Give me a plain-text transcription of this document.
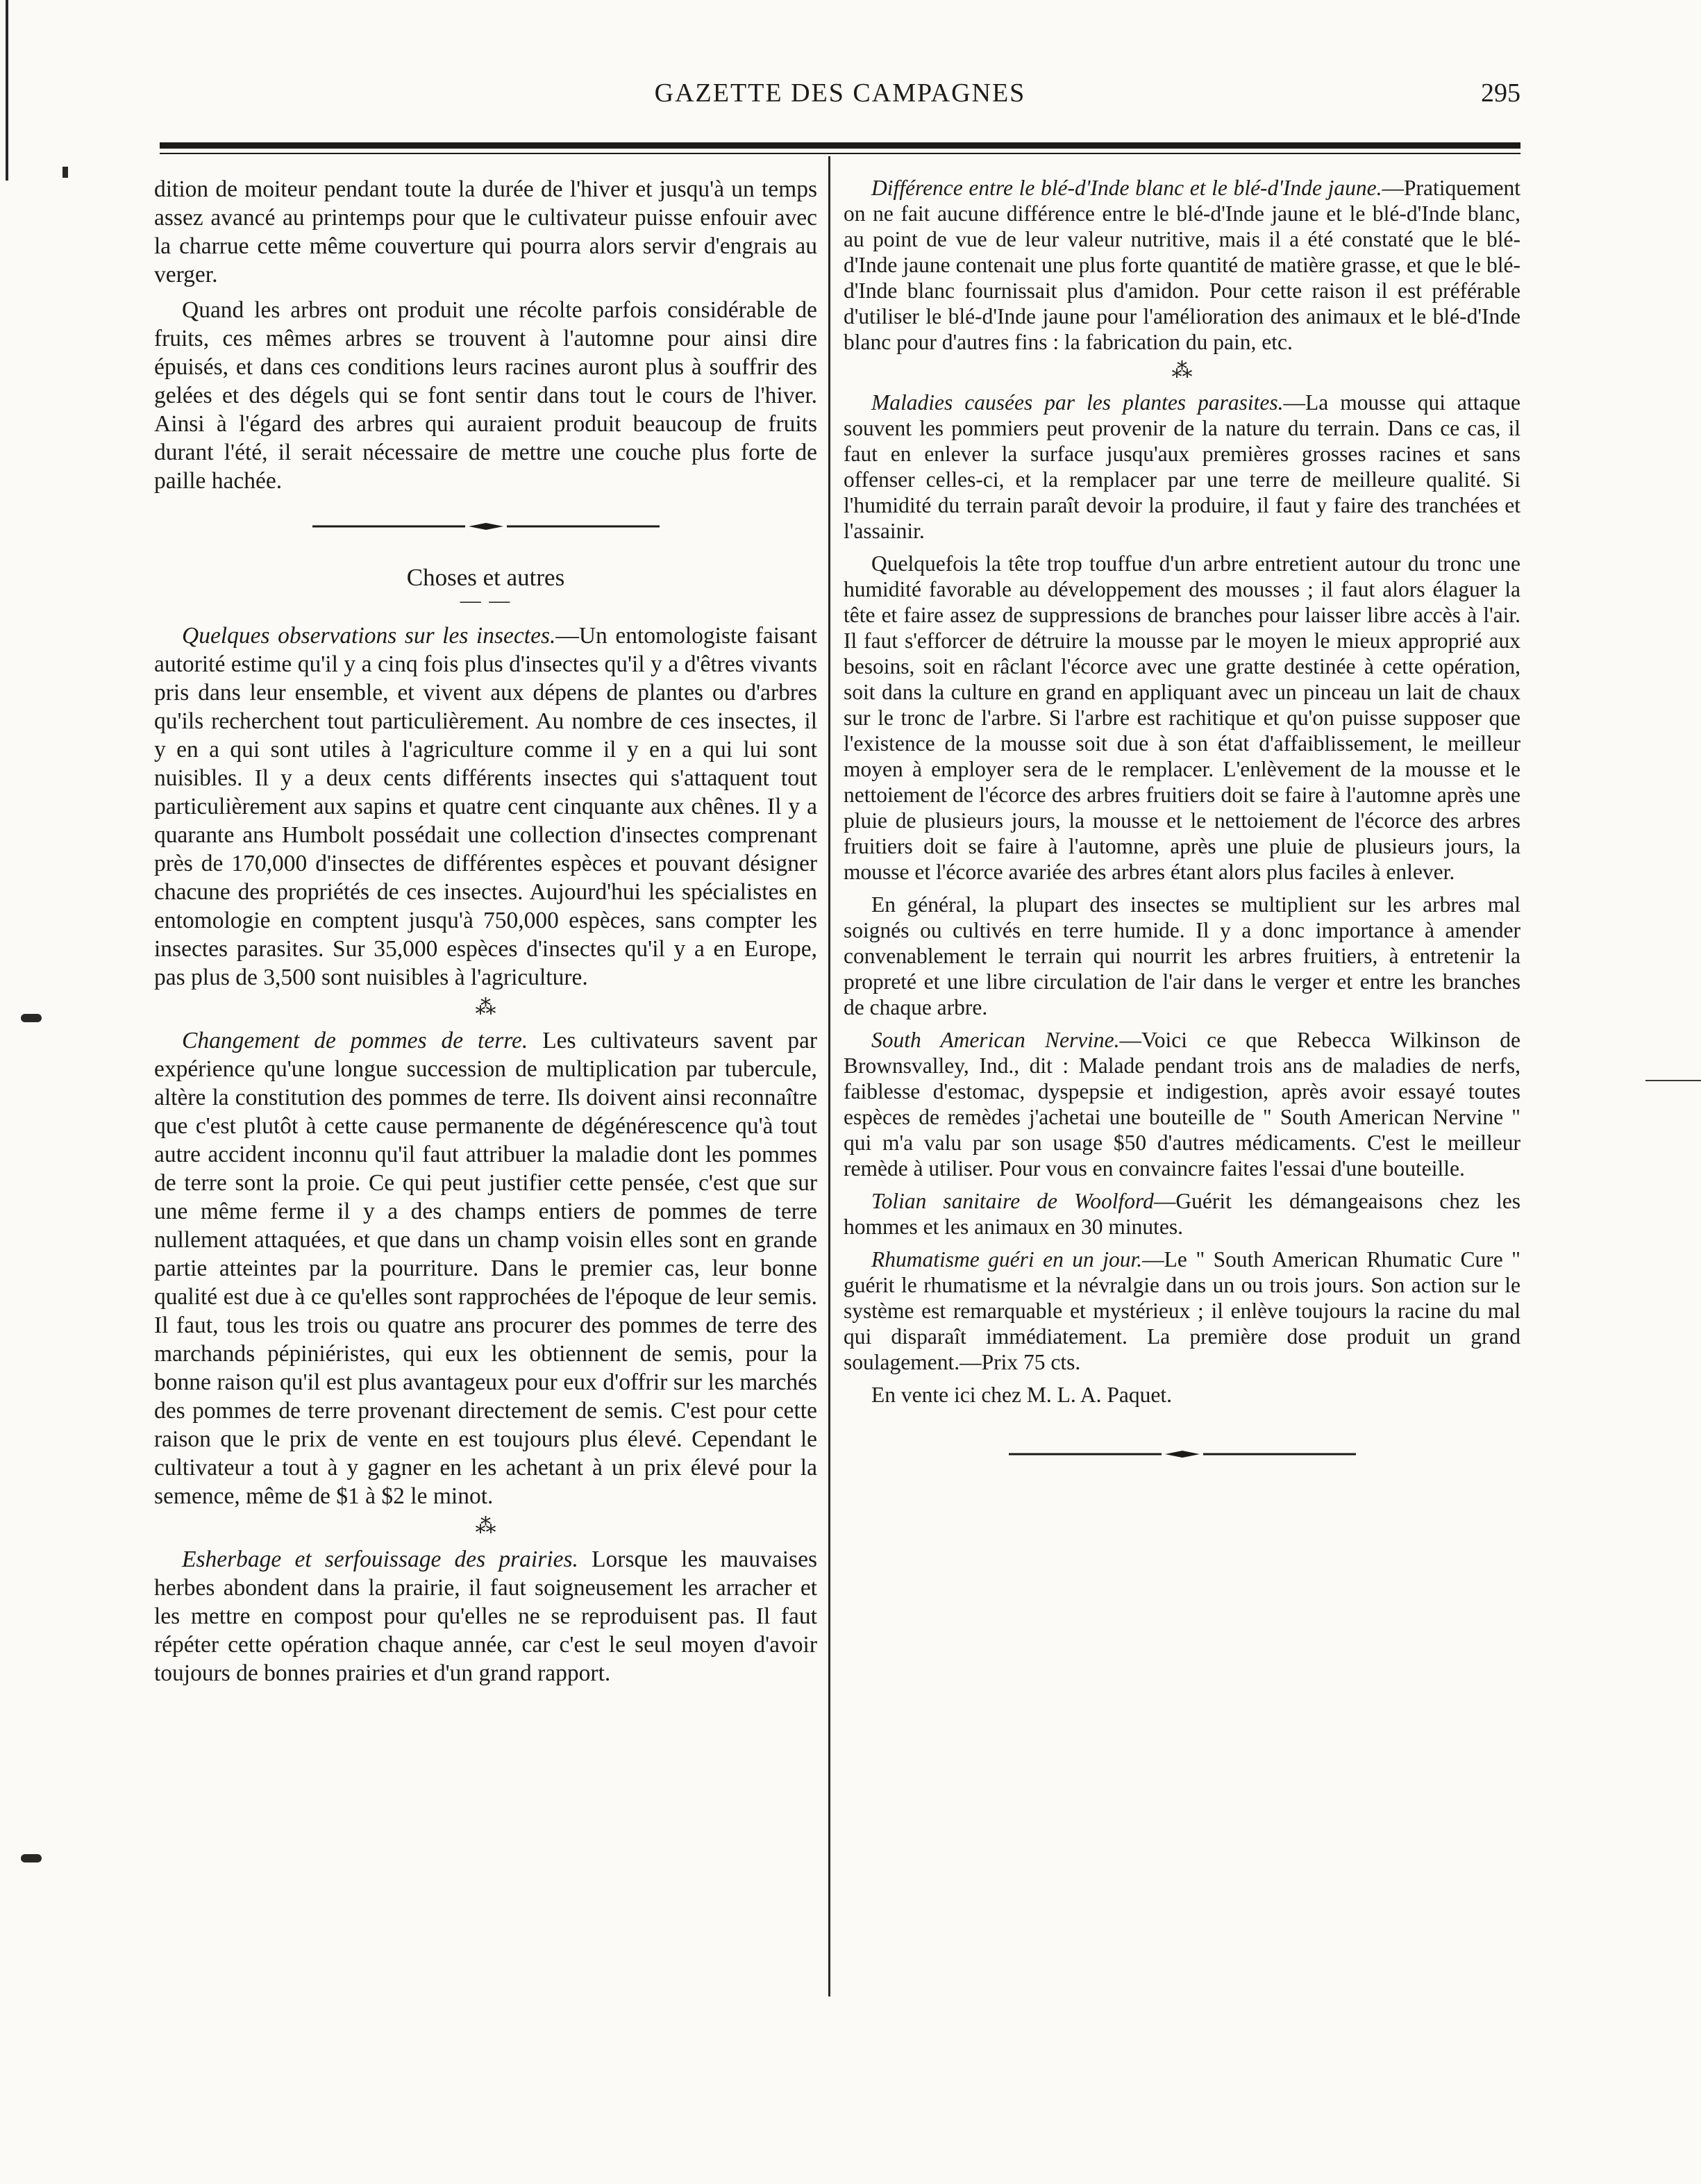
GAZETTE DES CAMPAGNES	295

dition de moiteur pendant toute la durée de l'hiver et jusqu'à un temps assez avancé au printemps pour que le cultivateur puisse enfouir avec la charrue cette même couverture qui pourra alors servir d'engrais au verger.

Quand les arbres ont produit une récolte parfois considérable de fruits, ces mêmes arbres se trouvent à l'automne pour ainsi dire épuisés, et dans ces conditions leurs racines auront plus à souffrir des gelées et des dégels qui se font sentir dans tout le cours de l'hiver. Ainsi à l'égard des arbres qui auraient produit beaucoup de fruits durant l'été, il serait nécessaire de mettre une couche plus forte de paille hachée.

Choses et autres
— —

Quelques observations sur les insectes.—Un entomologiste faisant autorité estime qu'il y a cinq fois plus d'insectes qu'il y a d'êtres vivants pris dans leur ensemble, et vivent aux dépens de plantes ou d'arbres qu'ils recherchent tout particulièrement. Au nombre de ces insectes, il y en a qui sont utiles à l'agriculture comme il y en a qui lui sont nuisibles. Il y a deux cents différents insectes qui s'attaquent tout particulièrement aux sapins et quatre cent cinquante aux chênes. Il y a quarante ans Humbolt possédait une collection d'insectes comprenant près de 170,000 d'insectes de différentes espèces et pouvant désigner chacune des propriétés de ces insectes. Aujourd'hui les spécialistes en entomologie en comptent jusqu'à 750,000 espèces, sans compter les insectes parasites. Sur 35,000 espèces d'insectes qu'il y a en Europe, pas plus de 3,500 sont nuisibles à l'agriculture.

⁂

Changement de pommes de terre. Les cultivateurs savent par expérience qu'une longue succession de multiplication par tubercule, altère la constitution des pommes de terre. Ils doivent ainsi reconnaître que c'est plutôt à cette cause permanente de dégénérescence qu'à tout autre accident inconnu qu'il faut attribuer la maladie dont les pommes de terre sont la proie. Ce qui peut justifier cette pensée, c'est que sur une même ferme il y a des champs entiers de pommes de terre nullement attaquées, et que dans un champ voisin elles sont en grande partie atteintes par la pourriture. Dans le premier cas, leur bonne qualité est due à ce qu'elles sont rapprochées de l'époque de leur semis. Il faut, tous les trois ou quatre ans procurer des pommes de terre des marchands pépiniéristes, qui eux les obtiennent de semis, pour la bonne raison qu'il est plus avantageux pour eux d'offrir sur les marchés des pommes de terre provenant directement de semis. C'est pour cette raison que le prix de vente en est toujours plus élevé. Cependant le cultivateur a tout à y gagner en les achetant à un prix élevé pour la semence, même de $1 à $2 le minot.

⁂

Esherbage et serfouissage des prairies. Lorsque les mauvaises herbes abondent dans la prairie, il faut soigneusement les arracher et les mettre en compost pour qu'elles ne se reproduisent pas. Il faut répéter cette opération chaque année, car c'est le seul moyen d'avoir toujours de bonnes prairies et d'un grand rapport.

Différence entre le blé-d'Inde blanc et le blé-d'Inde jaune.—Pratiquement on ne fait aucune différence entre le blé-d'Inde jaune et le blé-d'Inde blanc, au point de vue de leur valeur nutritive, mais il a été constaté que le blé-d'Inde jaune contenait une plus forte quantité de matière grasse, et que le blé-d'Inde blanc fournissait plus d'amidon. Pour cette raison il est préférable d'utiliser le blé-d'Inde jaune pour l'amélioration des animaux et le blé-d'Inde blanc pour d'autres fins : la fabrication du pain, etc.

⁂

Maladies causées par les plantes parasites.—La mousse qui attaque souvent les pommiers peut provenir de la nature du terrain. Dans ce cas, il faut en enlever la surface jusqu'aux premières grosses racines et sans offenser celles-ci, et la remplacer par une terre de meilleure qualité. Si l'humidité du terrain paraît devoir la produire, il faut y faire des tranchées et l'assainir.

Quelquefois la tête trop touffue d'un arbre entretient autour du tronc une humidité favorable au développement des mousses ; il faut alors élaguer la tête et faire assez de suppressions de branches pour laisser libre accès à l'air. Il faut s'efforcer de détruire la mousse par le moyen le mieux approprié aux besoins, soit en râclant l'écorce avec une gratte destinée à cette opération, soit dans la culture en grand en appliquant avec un pinceau un lait de chaux sur le tronc de l'arbre. Si l'arbre est rachitique et qu'on puisse supposer que l'existence de la mousse soit due à son état d'affaiblissement, le meilleur moyen à employer sera de le remplacer. L'enlèvement de la mousse et le nettoiement de l'écorce des arbres fruitiers doit se faire à l'automne après une pluie de plusieurs jours, la mousse et le nettoiement de l'écorce des arbres fruitiers doit se faire à l'automne, après une pluie de plusieurs jours, la mousse et l'écorce avariée des arbres étant alors plus faciles à enlever.

En général, la plupart des insectes se multiplient sur les arbres mal soignés ou cultivés en terre humide. Il y a donc importance à amender convenablement le terrain qui nourrit les arbres fruitiers, à entretenir la propreté et une libre circulation de l'air dans le verger et entre les branches de chaque arbre.

South American Nervine.—Voici ce que Rebecca Wilkinson de Brownsvalley, Ind., dit : Malade pendant trois ans de maladies de nerfs, faiblesse d'estomac, dyspepsie et indigestion, après avoir essayé toutes espèces de remèdes j'achetai une bouteille de " South American Nervine " qui m'a valu par son usage $50 d'autres médicaments. C'est le meilleur remède à utiliser. Pour vous en convaincre faites l'essai d'une bouteille.

Tolian sanitaire de Woolford—Guérit les démangeaisons chez les hommes et les animaux en 30 minutes.

Rhumatisme guéri en un jour.—Le " South American Rhumatic Cure " guérit le rhumatisme et la névralgie dans un ou trois jours. Son action sur le système est remarquable et mystérieux ; il enlève toujours la racine du mal qui disparaît immédiatement. La première dose produit un grand soulagement.—Prix 75 cts.

En vente ici chez M. L. A. Paquet.
